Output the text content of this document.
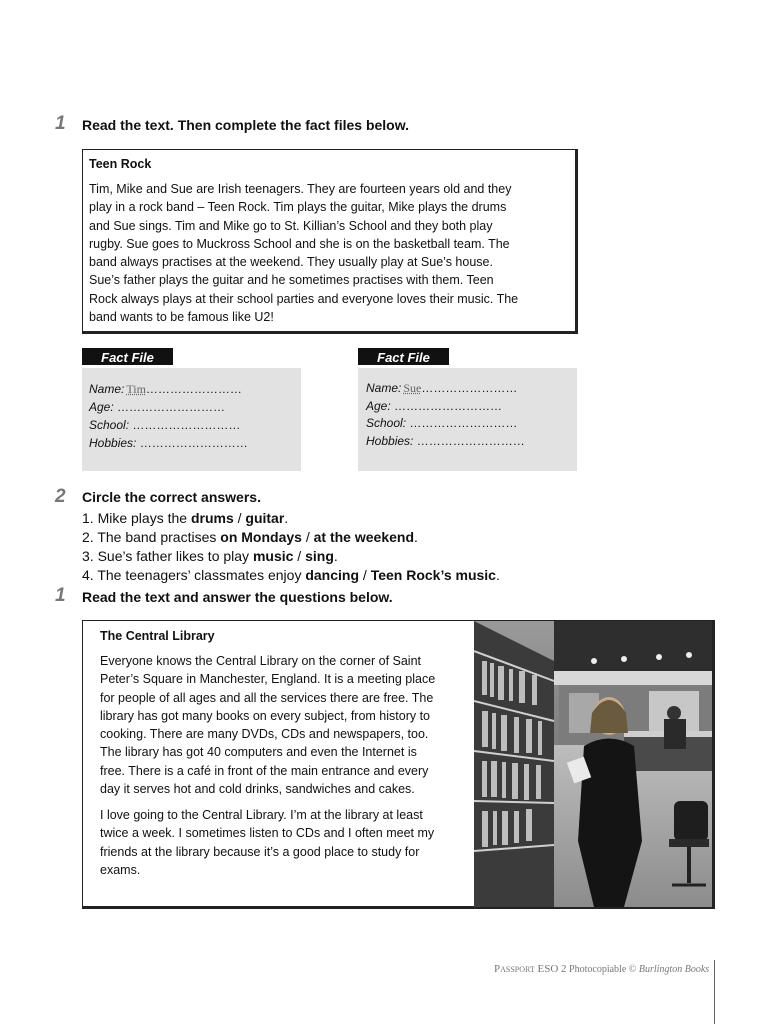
1 Read the text. Then complete the fact files below.
Teen Rock
Tim, Mike and Sue are Irish teenagers. They are fourteen years old and they
play in a rock band – Teen Rock. Tim plays the guitar, Mike plays the drums
and Sue sings. Tim and Mike go to St. Killian’s School and they both play
rugby. Sue goes to Muckross School and she is on the basketball team. The
band always practises at the weekend. They usually play at Sue’s house.
Sue’s father plays the guitar and he sometimes practises with them. Teen
Rock always plays at their school parties and everyone loves their music. The
band wants to be famous like U2!
Fact File
Name: Tim……………………
Age: ………………………
School: ………………………
Hobbies: ………………………
Fact File
Name: Sue……………………
Age: ………………………
School: ………………………
Hobbies: ………………………
2 Circle the correct answers.
1. Mike plays the drums / guitar.
2. The band practises on Mondays / at the weekend.
3. Sue’s father likes to play music / sing.
4. The teenagers’ classmates enjoy dancing / Teen Rock’s music.
1 Read the text and answer the questions below.
The Central Library
Everyone knows the Central Library on the corner of Saint
Peter’s Square in Manchester, England. It is a meeting place
for people of all ages and all the services there are free. The
library has got many books on every subject, from history to
cooking. There are many DVDs, CDs and newspapers, too.
The library has got 40 computers and even the Internet is
free. There is a café in front of the main entrance and every
day it serves hot and cold drinks, sandwiches and cakes.
I love going to the Central Library. I’m at the library at least
twice a week. I sometimes listen to CDs and I often meet my
friends at the library because it’s a good place to study for
exams.
Passport ESO 2 Photocopiable © Burlington Books
